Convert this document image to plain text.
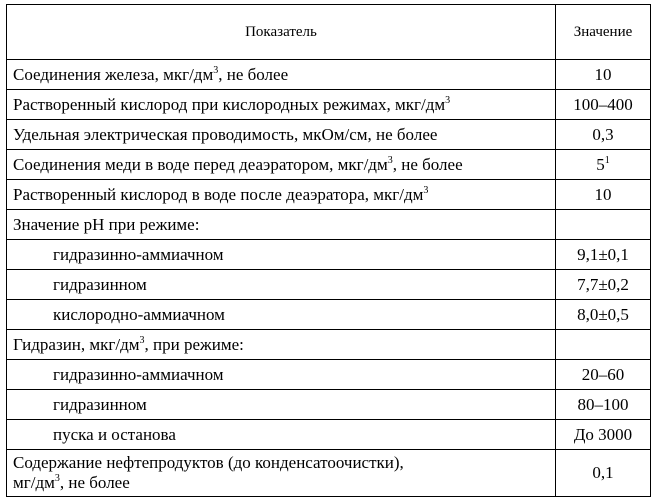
Показатель	Значение
Соединения железа, мкг/$дм^3$, не более	10
Растворенный кислород при кислородных режимах, мкг/$дм^3$	100–400
Удельная электрическая проводимость, мкОм/см, не более	0,3
Соединения меди в воде перед деаэратором, мкг/$дм^3$, не более	$5^1$
Растворенный кислород в воде после деаэратора, мкг/$дм^3$	10
Значение рН при режиме:	
гидразинно-аммиачном	9,1±0,1
гидразинном	7,7±0,2
кислородно-аммиачном	8,0±0,5
Гидразин, мкг/$дм^3$, при режиме:	
гидразинно-аммиачном	20–60
гидразинном	80–100
пуска и останова	До 3000
Содержание нефтепродуктов (до конденсатоочистки),
$мг/дм^3$, не более	0,1
